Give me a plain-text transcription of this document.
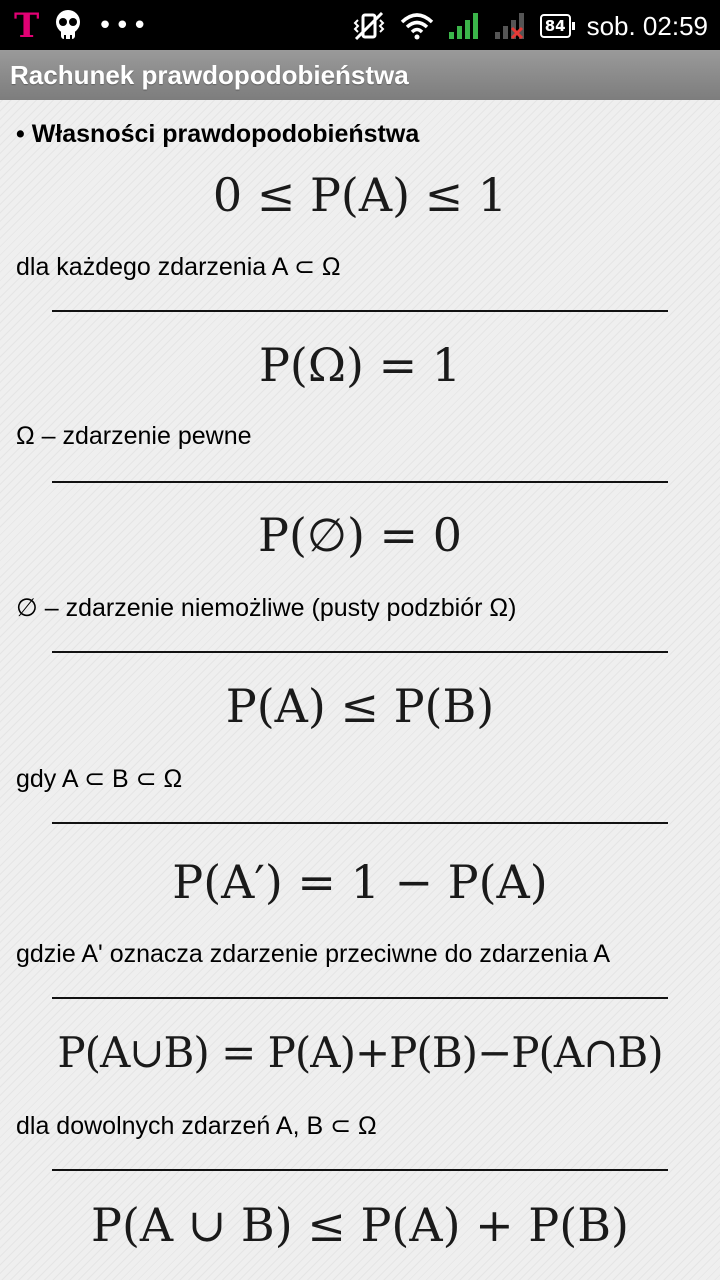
T •••	84 sob. 02:59
Rachunek prawdopodobieństwa
• Własności prawdopodobieństwa
0 ≤ P(A) ≤ 1
dla każdego zdarzenia A ⊂ Ω
P(Ω) = 1
Ω – zdarzenie pewne
P(∅) = 0
∅ – zdarzenie niemożliwe (pusty podzbiór Ω)
P(A) ≤ P(B)
gdy A ⊂ B ⊂ Ω
P(A′) = 1 − P(A)
gdzie A' oznacza zdarzenie przeciwne do zdarzenia A
P(A∪B) = P(A)+P(B)−P(A∩B)
dla dowolnych zdarzeń A, B ⊂ Ω
P(A ∪ B) ≤ P(A) + P(B)
